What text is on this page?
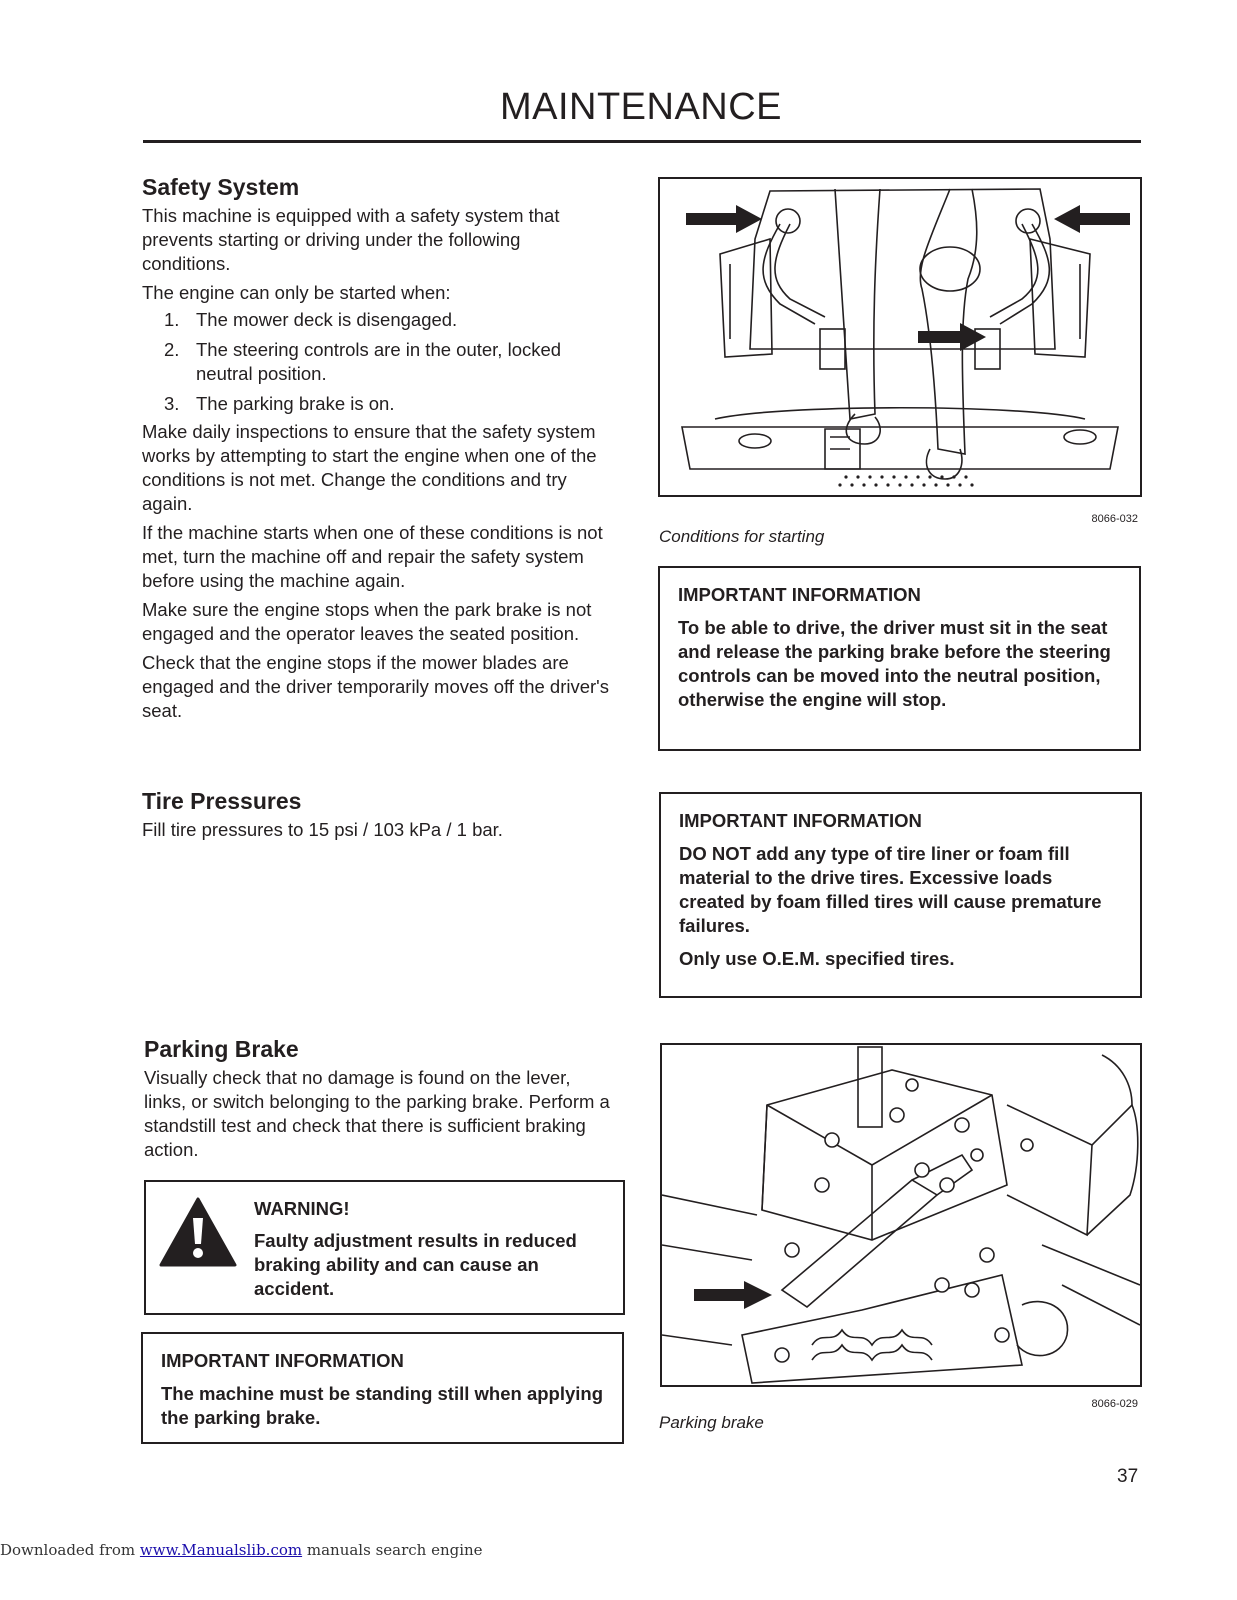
MAINTENANCE
Safety System

This machine is equipped with a safety system that prevents starting or driving under the following conditions.

The engine can only be started when:

1. The mower deck is disengaged.
2. The steering controls are in the outer, locked neutral position.
3. The parking brake is on.

Make daily inspections to ensure that the safety system works by attempting to start the engine when one of the conditions is not met. Change the conditions and try again.

If the machine starts when one of these conditions is not met, turn the machine off and repair the safety system before using the machine again.

Make sure the engine stops when the park brake is not engaged and the operator leaves the seated position.

Check that the engine stops if the mower blades are engaged and the driver temporarily moves off the driver's seat.

8066-032
Conditions for starting
IMPORTANT INFORMATION
To be able to drive, the driver must sit in the seat and release the parking brake before the steering controls can be moved into the neutral position, otherwise the engine will stop.
Tire Pressures

Fill tire pressures to 15 psi / 103 kPa / 1 bar.	IMPORTANT INFORMATION
DO NOT add any type of tire liner or foam fill material to the drive tires. Excessive loads created by foam filled tires will cause premature failures.
Only use O.E.M. specified tires.
Parking Brake

Visually check that no damage is found on the lever, links, or switch belonging to the parking brake. Perform a standstill test and check that there is sufficient braking action.

WARNING!
Faulty adjustment results in reduced braking ability and can cause an accident.
IMPORTANT INFORMATION
The machine must be standing still when applying the parking brake.
8066-029
Parking brake
37
Downloaded from www.Manualslib.com manuals search engine
